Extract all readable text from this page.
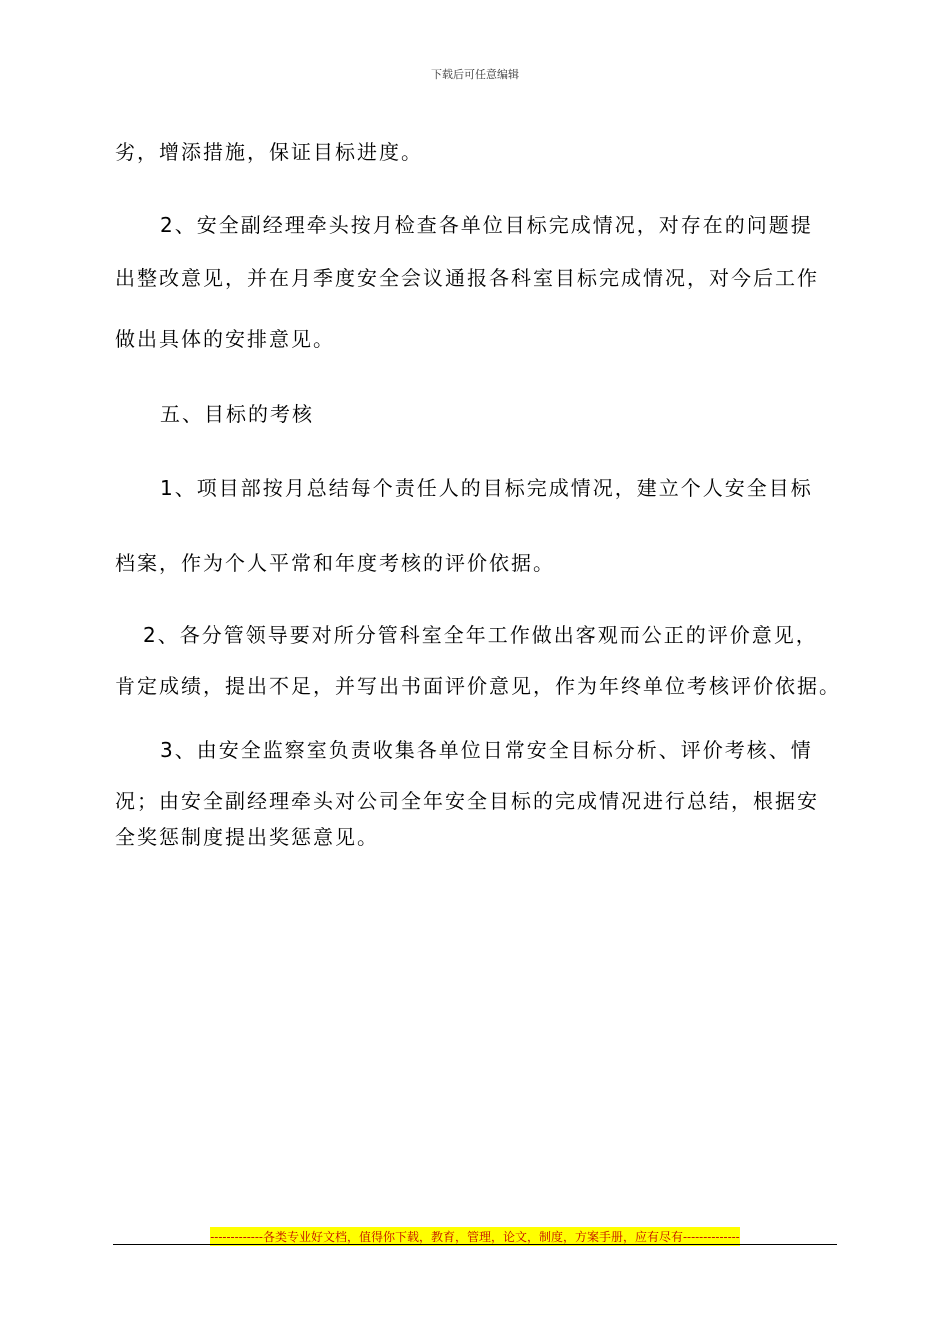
下载后可任意编辑
劣，增添措施，保证目标进度。
2、安全副经理牵头按月检查各单位目标完成情况，对存在的问题提
出整改意见，并在月季度安全会议通报各科室目标完成情况，对今后工作
做出具体的安排意见。
五、目标的考核
1、项目部按月总结每个责任人的目标完成情况，建立个人安全目标
档案，作为个人平常和年度考核的评价依据。
2、各分管领导要对所分管科室全年工作做出客观而公正的评价意见，
肯定成绩，提出不足，并写出书面评价意见，作为年终单位考核评价依据。
3、由安全监察室负责收集各单位日常安全目标分析、评价考核、情
况；由安全副经理牵头对公司全年安全目标的完成情况进行总结，根据安
全奖惩制度提出奖惩意见。
-------------各类专业好文档，值得你下载，教育，管理，论文，制度，方案手册，应有尽有--------------
